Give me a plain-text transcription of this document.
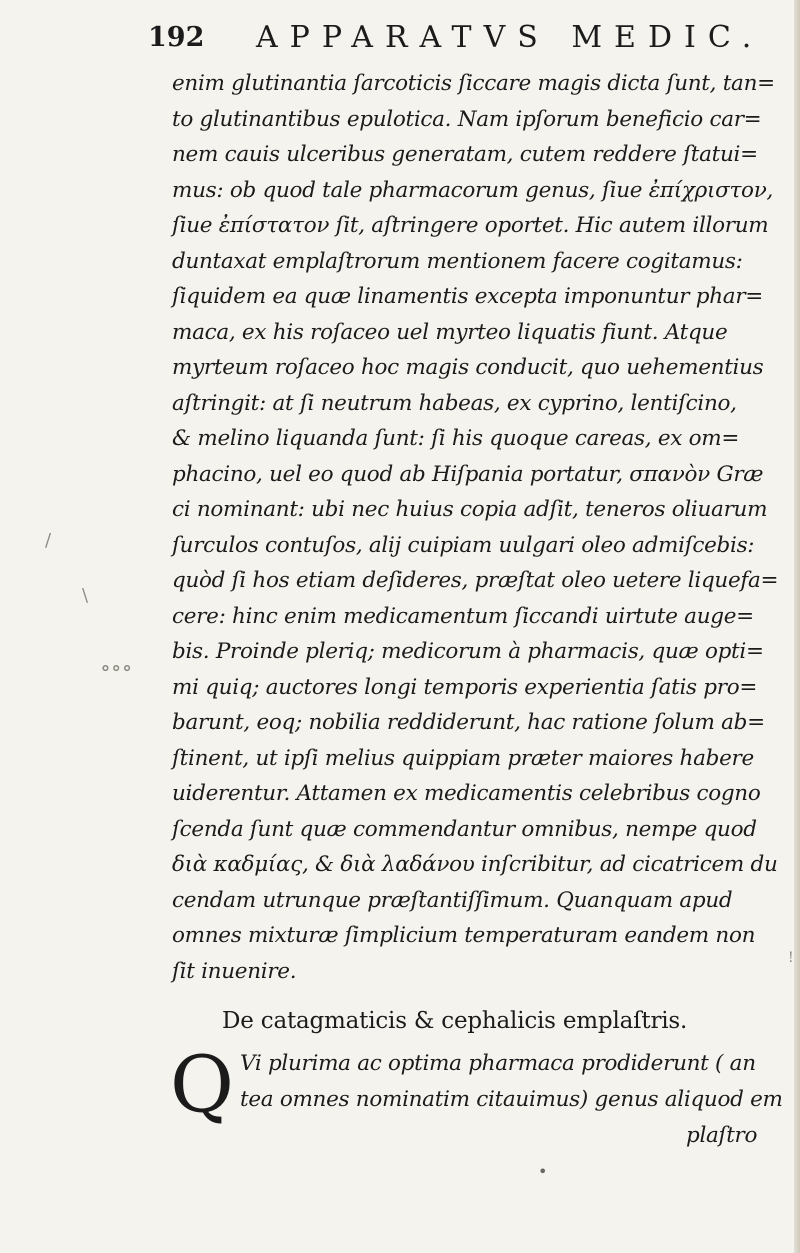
192 APPARATVS MEDIC.
enim glutinantia ſarcoticis ſiccare magis dicta ſunt, tan=
to glutinantibus epulotica. Nam ipſorum beneficio car=
nem cauis ulceribus generatam, cutem reddere ſtatui=
mus: ob quod tale pharmacorum genus, ſiue ἐπίχριστον,
ſiue ἐπίστατον ſit, aſtringere oportet. Hic autem illorum
duntaxat emplaſtrorum mentionem facere cogitamus:
ſiquidem ea quæ linamentis excepta imponuntur phar=
maca, ex his roſaceo uel myrteo liquatis fiunt. Atque
myrteum roſaceo hoc magis conducit, quo uehementius
aſtringit: at ſi neutrum habeas, ex cyprino, lentiſcino,
& melino liquanda ſunt: ſi his quoque careas, ex om=
phacino, uel eo quod ab Hiſpania portatur, σπανὸν Græ
ci nominant: ubi nec huius copia adſit, teneros oliuarum
ſurculos contuſos, alij cuipiam uulgari oleo admiſcebis:
quòd ſi hos etiam deſideres, præſtat oleo uetere liquefa=
cere: hinc enim medicamentum ſiccandi uirtute auge=
bis. Proinde pleriq; medicorum à pharmacis, quæ opti=
mi quiq; auctores longi temporis experientia ſatis pro=
barunt, eoq; nobilia reddiderunt, hac ratione ſolum ab=
ſtinent, ut ipſi melius quippiam præter maiores habere
uiderentur. Attamen ex medicamentis celebribus cogno
ſcenda ſunt quæ commendantur omnibus, nempe quod
διὰ καδμίας, & διὰ λαδάνου inſcribitur, ad cicatricem du
cendam utrunque præſtantiſſimum. Quanquam apud
omnes mixturæ ſimplicium temperaturam eandem non
ſit inuenire.
De catagmaticis & cephalicis emplaſtris.
Q Vi plurima ac optima pharmaca prodiderunt ( an
tea omnes nominatim citauimus) genus aliquod em
plaſtro
/
\
∘∘∘
!
•
